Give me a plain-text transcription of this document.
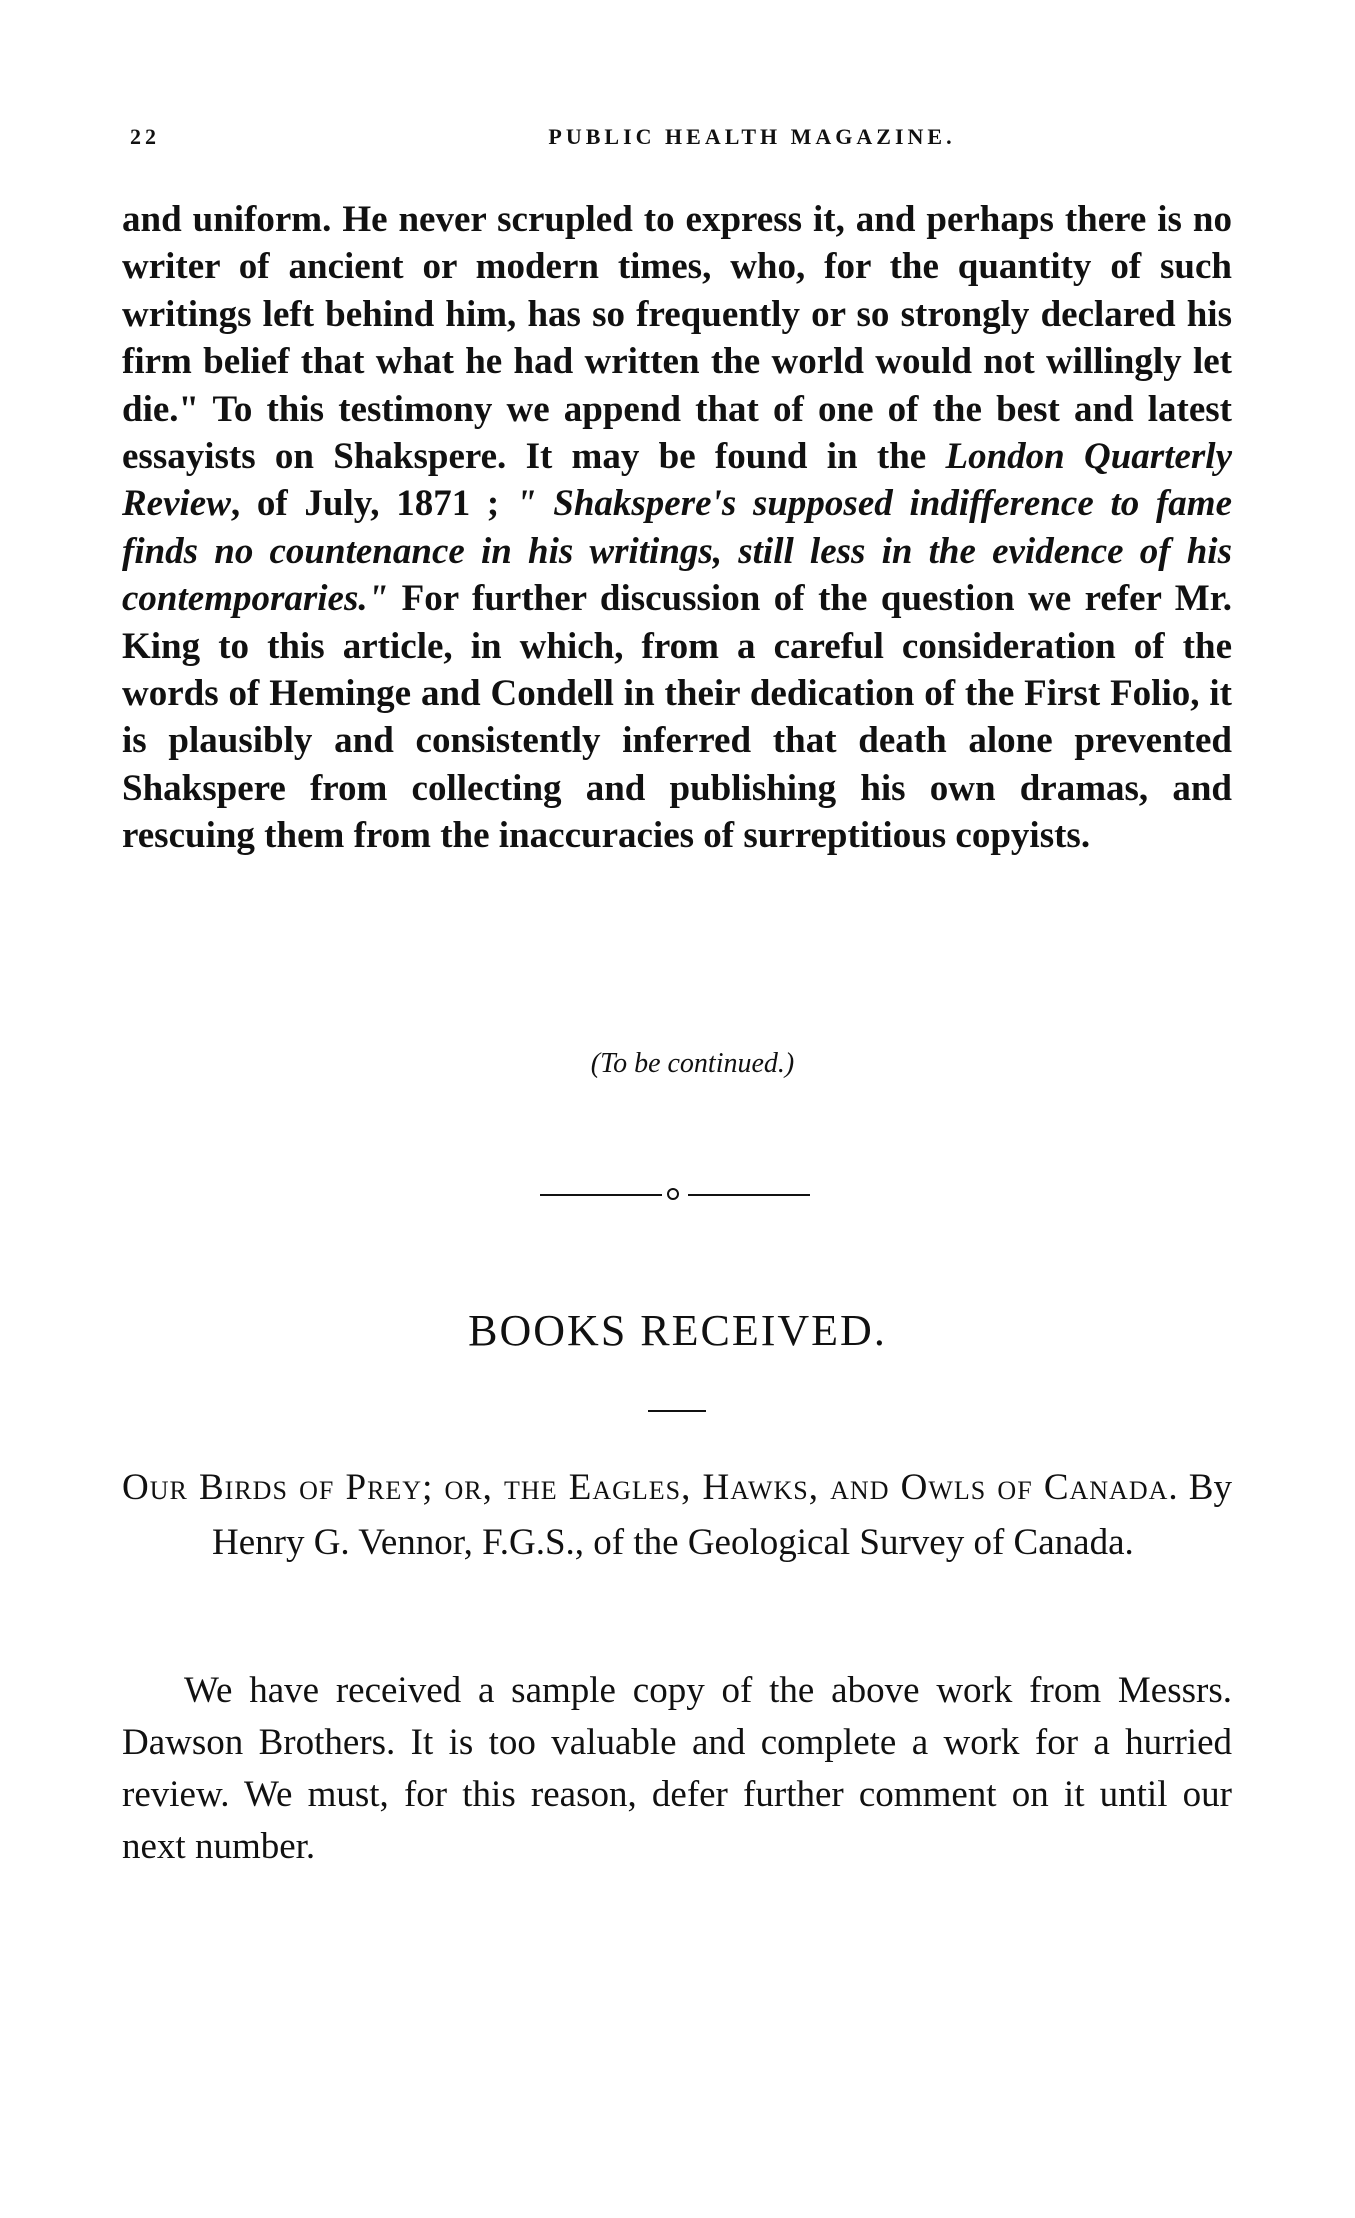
22	PUBLIC HEALTH MAGAZINE.

and uniform. He never scrupled to express it, and perhaps there is no writer of ancient or modern times, who, for the quantity of such writings left behind him, has so frequently or so strongly declared his firm belief that what he had written the world would not willingly let die." To this testimony we append that of one of the best and latest essayists on Shakspere. It may be found in the London Quarterly Review, of July, 1871 ; " Shakspere's supposed indifference to fame finds no countenance in his writings, still less in the evidence of his contemporaries." For further discussion of the question we refer Mr. King to this article, in which, from a careful consideration of the words of Heminge and Condell in their dedication of the First Folio, it is plausibly and consistently inferred that death alone prevented Shakspere from collecting and publishing his own dramas, and rescuing them from the inaccuracies of surreptitious copyists.

(To be continued.)
BOOKS RECEIVED.

Our Birds of Prey; or, the Eagles, Hawks, and Owls of Canada. By Henry G. Vennor, F.G.S., of the Geological Survey of Canada.

We have received a sample copy of the above work from Messrs. Dawson Brothers. It is too valuable and complete a work for a hurried review. We must, for this reason, defer further comment on it until our next number.
